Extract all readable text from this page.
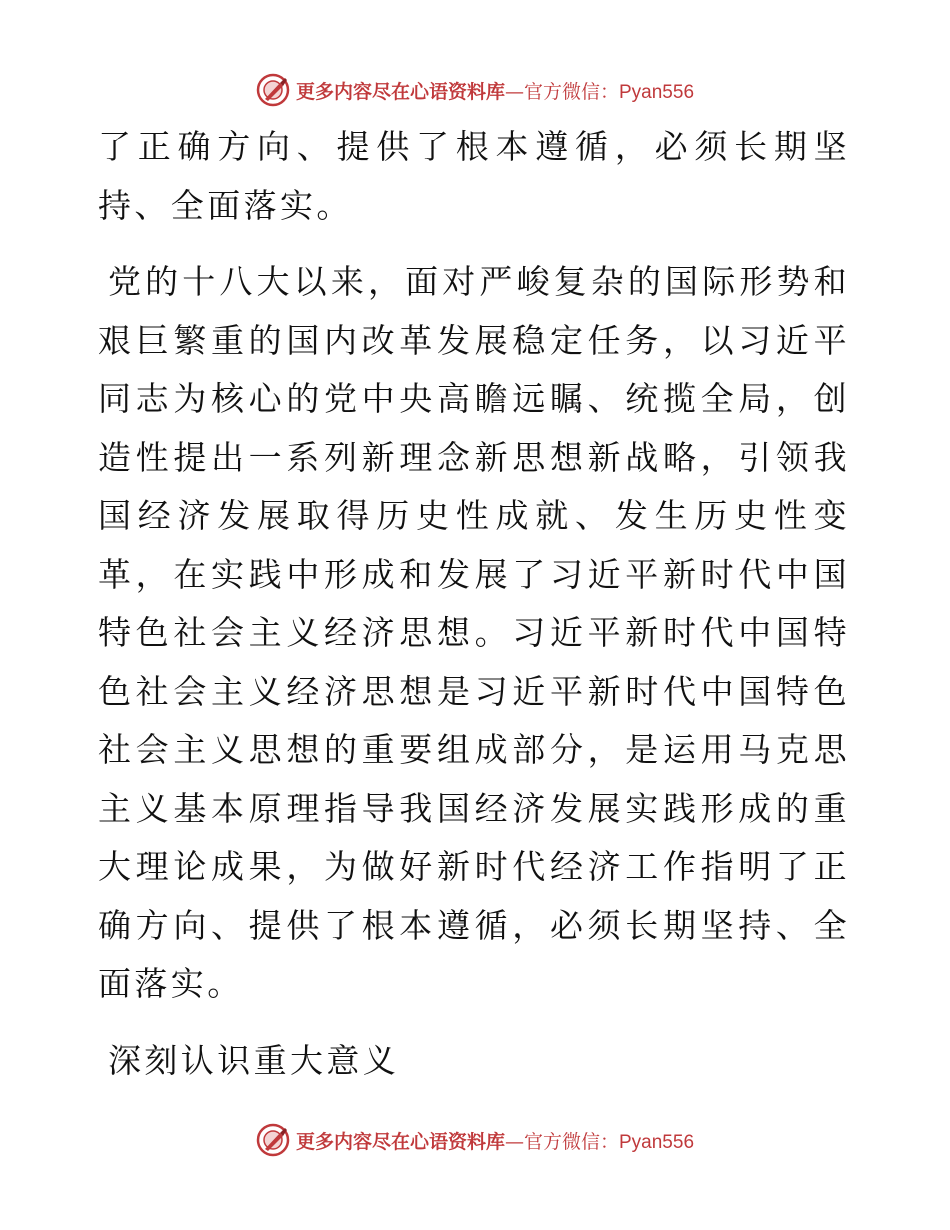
更多内容尽在心语资料库—官方微信：Pyan556

了正确方向、提供了根本遵循，必须长期坚持、全面落实。

党的十八大以来，面对严峻复杂的国际形势和艰巨繁重的国内改革发展稳定任务，以习近平同志为核心的党中央高瞻远瞩、统揽全局，创造性提出一系列新理念新思想新战略，引领我国经济发展取得历史性成就、发生历史性变革，在实践中形成和发展了习近平新时代中国特色社会主义经济思想。习近平新时代中国特色社会主义经济思想是习近平新时代中国特色社会主义思想的重要组成部分，是运用马克思主义基本原理指导我国经济发展实践形成的重大理论成果，为做好新时代经济工作指明了正确方向、提供了根本遵循，必须长期坚持、全面落实。

深刻认识重大意义

更多内容尽在心语资料库—官方微信：Pyan556
